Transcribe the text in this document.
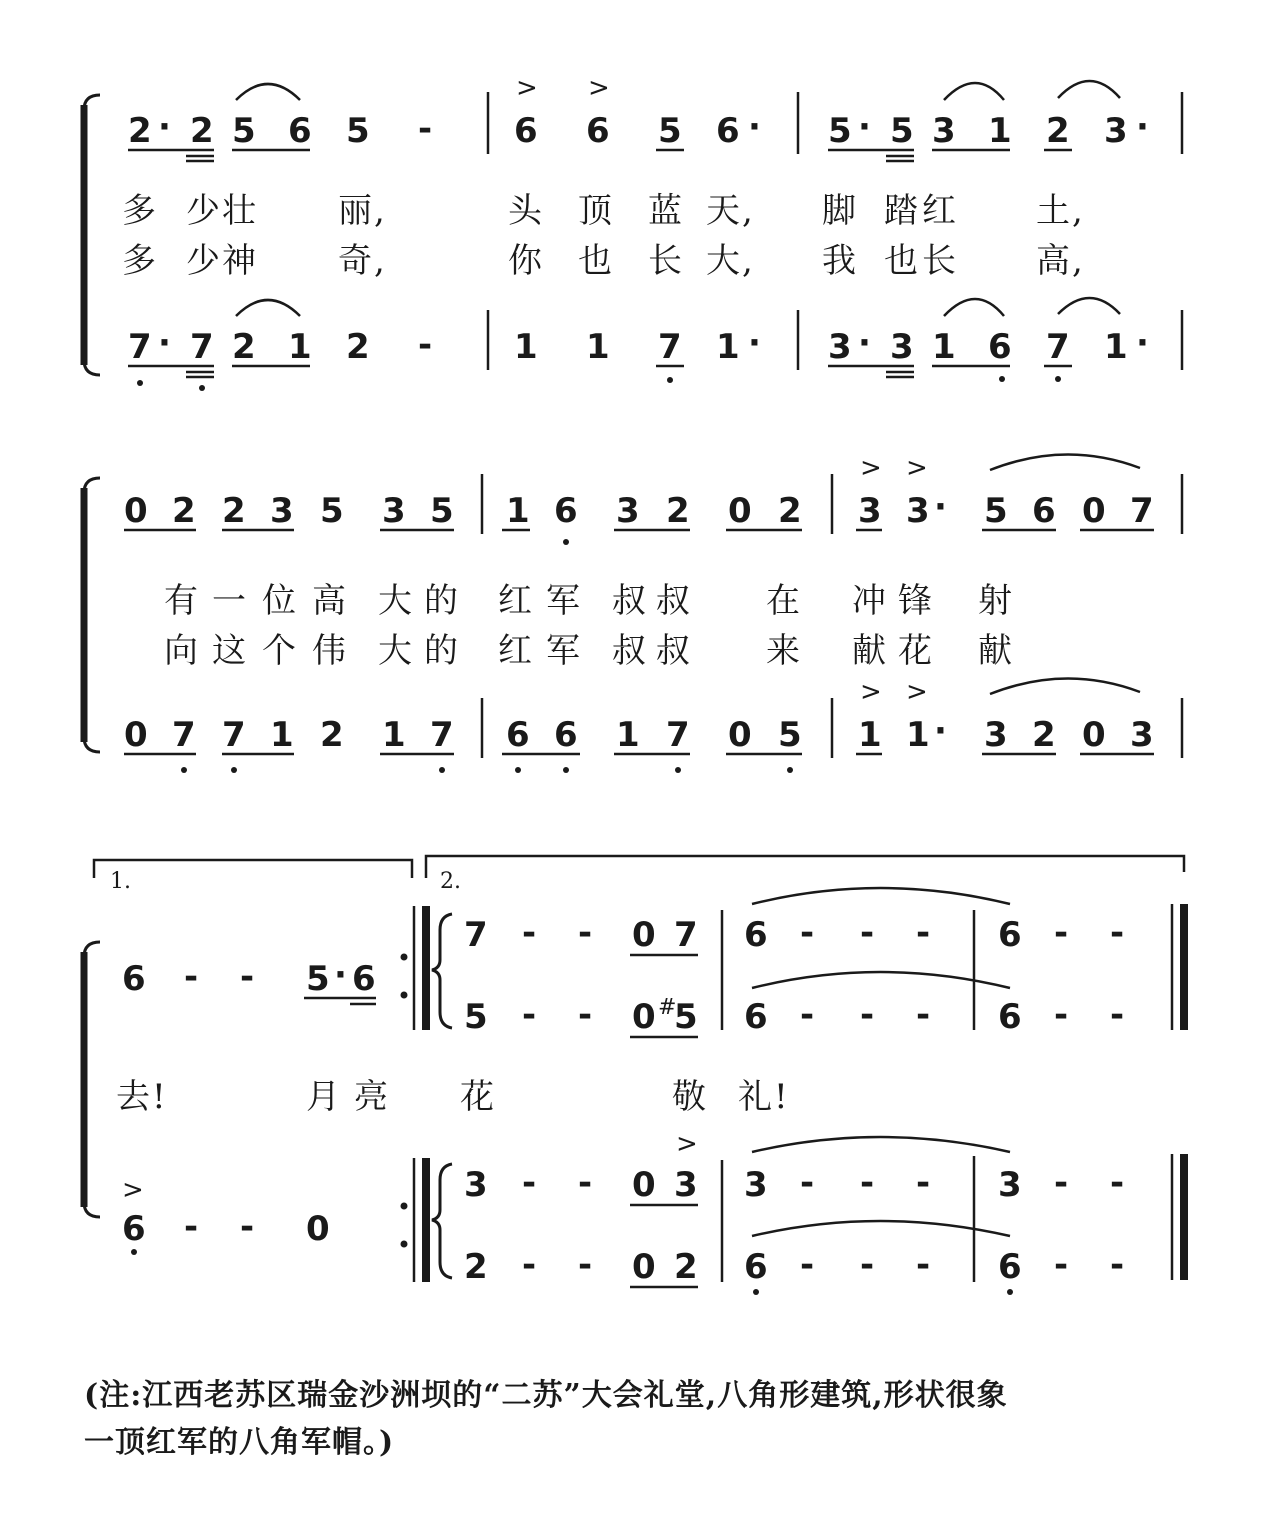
2 · 2 5 6 5 -
> >
6 6 5 6 · 5 · 5 3 1 2 3 ·
多 少 壮 丽,	头 顶 蓝 天, 脚 踏 红 土,
多 少 神 奇,	你 也 长 大, 我 也 长 高,
7 · 7 2 1 2 - 1 1 7 1 · 3 · 3 1 6 7 1 ·
0 2 2 3 5 3 5 1 6 3 2 0 2
> >
3 3 · 5 6 0 7
有 一 位 高 大 的 红 军 叔 叔 在 冲 锋 射
向 这 个 伟 大 的 红 军 叔 叔 来 献 花 献
0 7 7 1 2 1 7 6 6 1 7 0 5
> >
1 1 · 3 2 0 3
1.	2.
6 - - 5 · 6
7 - - 0 7
5 - - 0 #
5
6 - - - 6 - -
6 - - - 6 - -
去!	月 亮 花	敬 礼!
>
6 - - 0
3 - -
>
0 3
2 - - 0 2
3 - - - 3 - -
6 - - - 6 - -
(注:江西老苏区瑞金沙洲坝的“二苏”大会礼堂,八角形建筑,形状很象
一顶红军的八角军帽。)
